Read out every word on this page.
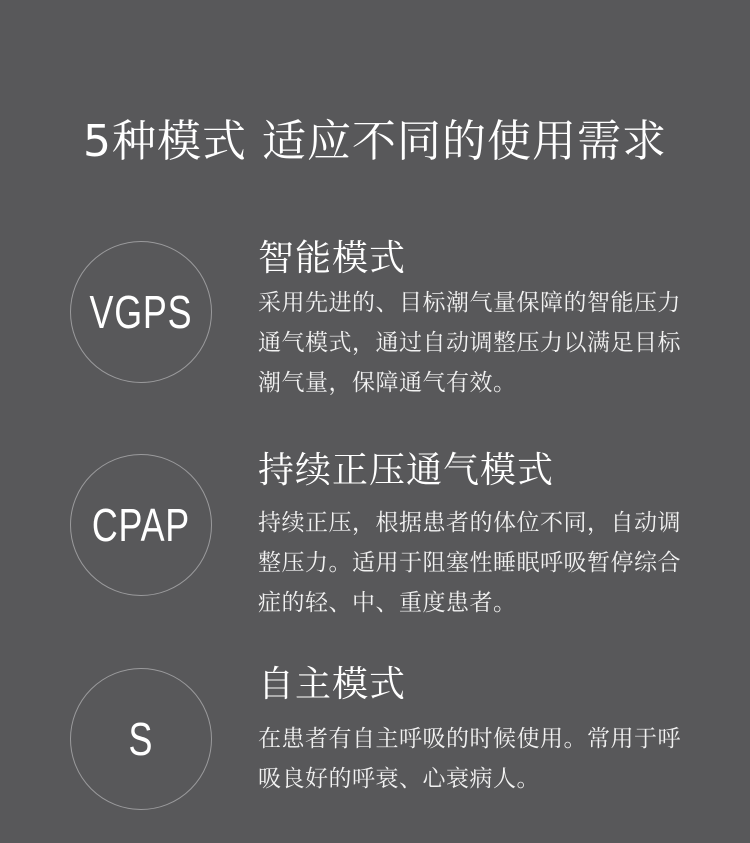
5种模式 适应不同的使用需求
VGPS
智能模式
采用先进的、目标潮气量保障的智能压力通气模式，通过自动调整压力以满足目标潮气量，保障通气有效。
CPAP
持续正压通气模式
持续正压，根据患者的体位不同，自动调整压力。适用于阻塞性睡眠呼吸暂停综合症的轻、中、重度患者。
S
自主模式
在患者有自主呼吸的时候使用。常用于呼吸良好的呼衰、心衰病人。
